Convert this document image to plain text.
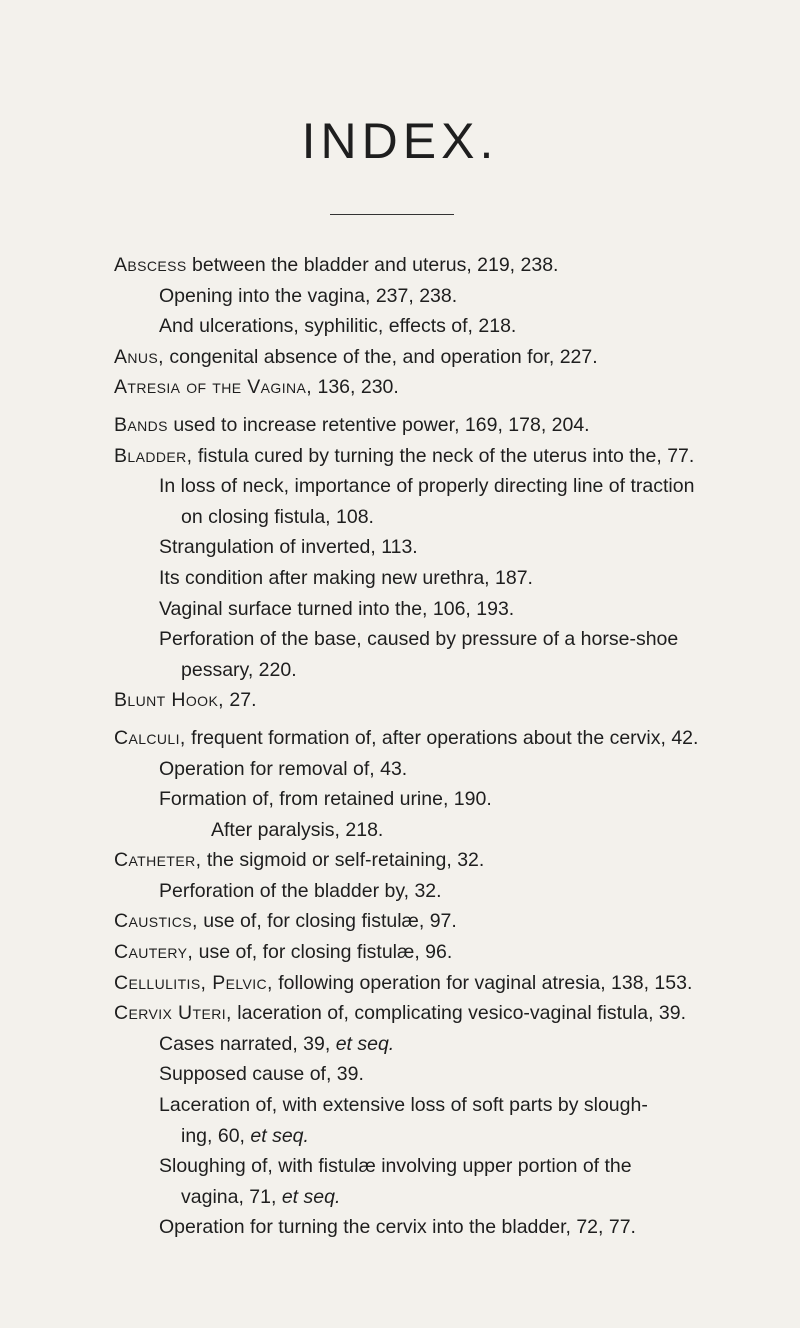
INDEX.

Abscess between the bladder and uterus, 219, 238.

Opening into the vagina, 237, 238.

And ulcerations, syphilitic, effects of, 218.

Anus, congenital absence of the, and operation for, 227.

Atresia of the Vagina, 136, 230.

Bands used to increase retentive power, 169, 178, 204.

Bladder, fistula cured by turning the neck of the uterus into the, 77.

In loss of neck, importance of properly directing line of traction
on closing fistula, 108.

Strangulation of inverted, 113.

Its condition after making new urethra, 187.

Vaginal surface turned into the, 106, 193.

Perforation of the base, caused by pressure of a horse-shoe
pessary, 220.

Blunt Hook, 27.

Calculi, frequent formation of, after operations about the cervix, 42.

Operation for removal of, 43.

Formation of, from retained urine, 190.

After paralysis, 218.

Catheter, the sigmoid or self-retaining, 32.

Perforation of the bladder by, 32.

Caustics, use of, for closing fistulæ, 97.

Cautery, use of, for closing fistulæ, 96.

Cellulitis, Pelvic, following operation for vaginal atresia, 138, 153.

Cervix Uteri, laceration of, complicating vesico-vaginal fistula, 39.

Cases narrated, 39, et seq.

Supposed cause of, 39.

Laceration of, with extensive loss of soft parts by slough-
ing, 60, et seq.

Sloughing of, with fistulæ involving upper portion of the
vagina, 71, et seq.

Operation for turning the cervix into the bladder, 72, 77.
